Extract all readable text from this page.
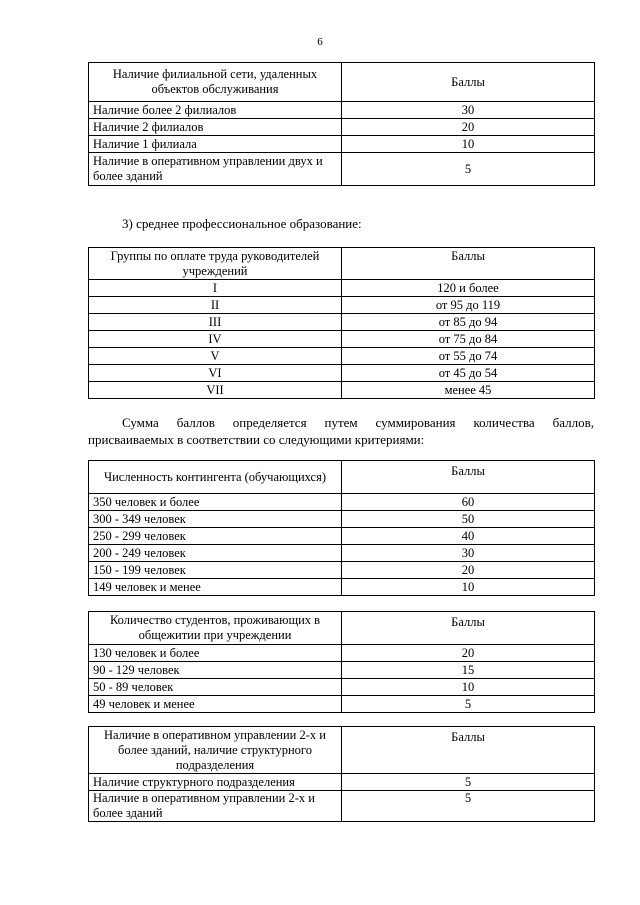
6
Наличие филиальной сети, удаленных объектов обслуживания	Баллы
Наличие более 2 филиалов	30
Наличие 2 филиалов	20
Наличие 1 филиала	10
Наличие в оперативном управлении двух и более зданий	5
3) среднее профессиональное образование:
Группы по оплате труда руководителей учреждений	Баллы
I	120 и более
II	от 95 до 119
III	от 85 до 94
IV	от 75 до 84
V	от 55 до 74
VI	от 45 до 54
VII	менее 45
Сумма баллов определяется путем суммирования количества баллов, присваиваемых в соответствии со следующими критериями:
Численность контингента (обучающихся)	Баллы
350 человек и более	60
300 - 349 человек	50
250 - 299 человек	40
200 - 249 человек	30
150 - 199 человек	20
149 человек и менее	10
Количество студентов, проживающих в общежитии при учреждении	Баллы
130 человек и более	20
90 - 129 человек	15
50 - 89 человек	10
49 человек и менее	5
Наличие в оперативном управлении 2-х и более зданий, наличие структурного подразделения	Баллы
Наличие структурного подразделения	5
Наличие в оперативном управлении 2-х и более зданий	5
